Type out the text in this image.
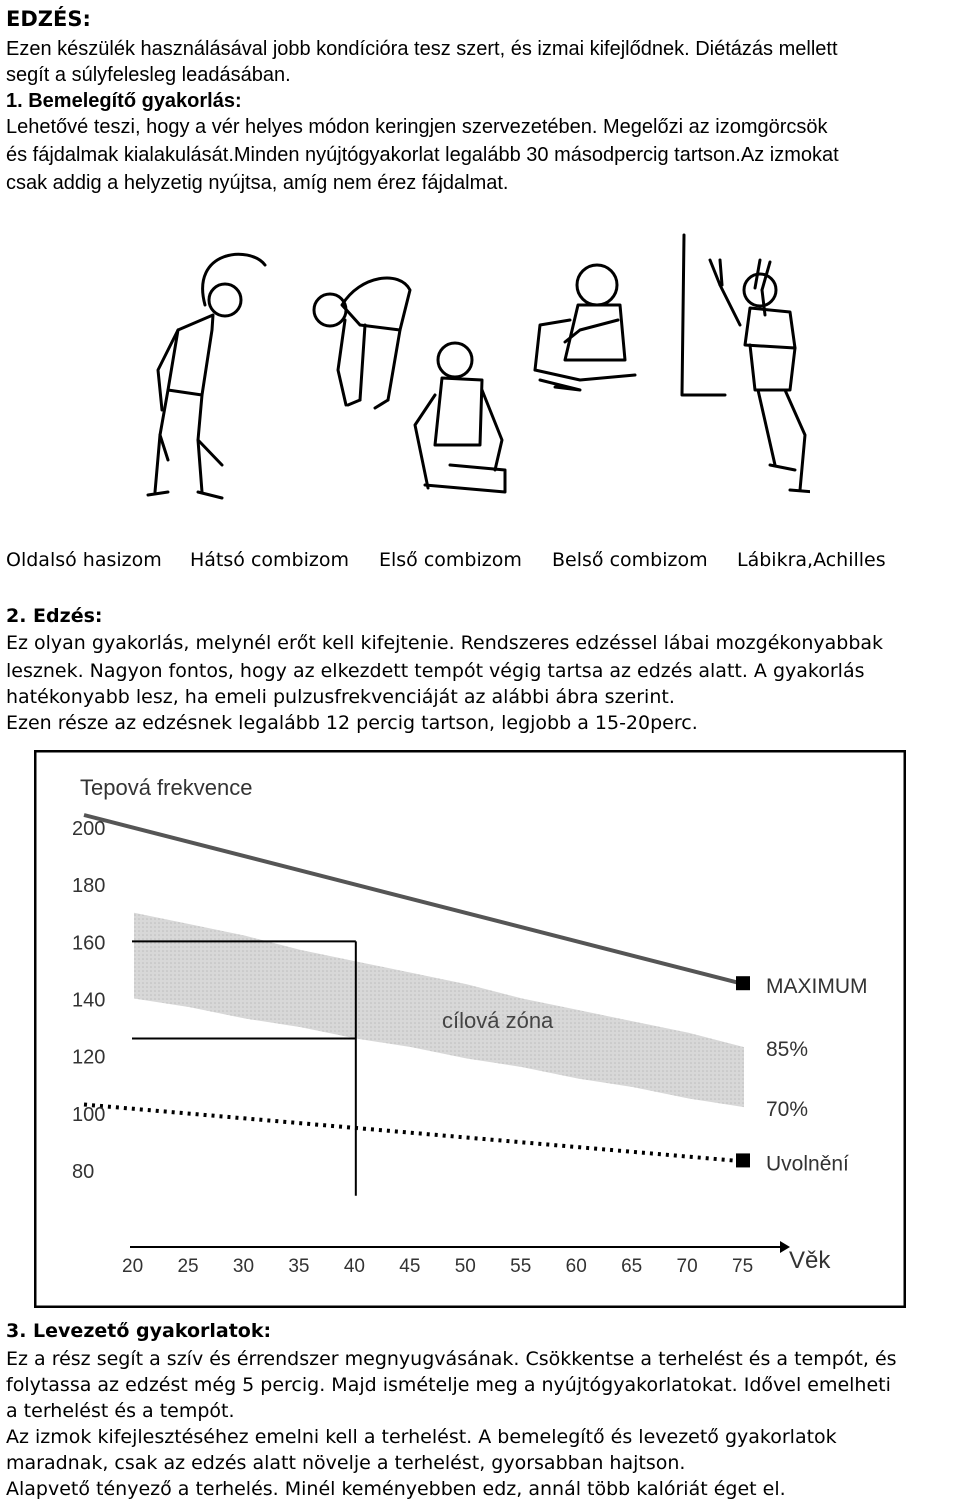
EDZÉS:
Ezen készülék használásával jobb kondícióra tesz szert, és izmai kifejlődnek. Diétázás mellett
segít a súlyfelesleg leadásában.
1. Bemelegítő gyakorlás:
Lehetővé teszi, hogy a vér helyes módon keringjen szervezetében. Megelőzi az izomgörcsök
és fájdalmak kialakulását.Minden nyújtógyakorlat legalább 30 másodpercig tartson.Az izmokat
csak addig a helyzetig nyújtsa, amíg nem érez fájdalmat.
Oldalsó hasizom Hátsó combizom Első combizom Belső combizom Lábikra,Achilles
2. Edzés:
Ez olyan gyakorlás, melynél erőt kell kifejtenie. Rendszeres edzéssel lábai mozgékonyabbak
lesznek. Nagyon fontos, hogy az elkezdett tempót végig tartsa az edzés alatt. A gyakorlás
hatékonyabb lesz, ha emeli pulzusfrekvenciáját az alábbi ábra szerint.
Ezen része az edzésnek legalább 12 percig tartson, legjobb a 15-20perc.
200
180
160
140
120
100
80
20 25 30 35 40 45 50 55 60 65 70 75
MAXIMUM
85%
70%
Uvolnění
Tepová frekvence
Věk
cílová zóna
3. Levezető gyakorlatok:
Ez a rész segít a szív és érrendszer megnyugvásának. Csökkentse a terhelést és a tempót, és
folytassa az edzést még 5 percig. Majd ismételje meg a nyújtógyakorlatokat. Idővel emelheti
a terhelést és a tempót.
Az izmok kifejlesztéséhez emelni kell a terhelést. A bemelegítő és levezető gyakorlatok
maradnak, csak az edzés alatt növelje a terhelést, gyorsabban hajtson.
Alapvető tényező a terhelés. Minél keményebben edz, annál több kalóriát éget el.
